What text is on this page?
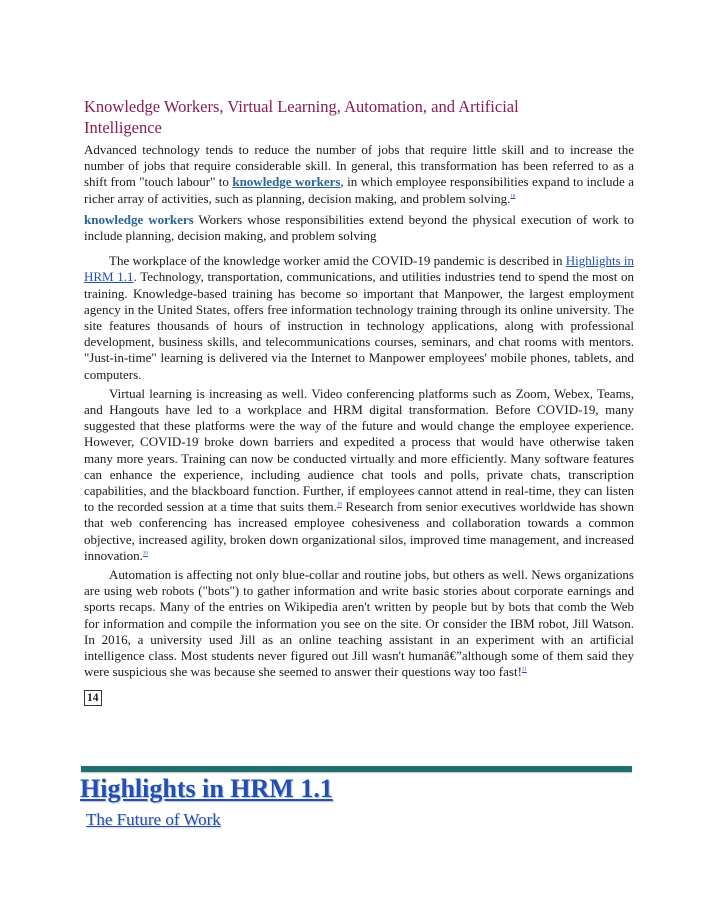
Knowledge Workers, Virtual Learning, Automation, and Artificial Intelligence

Advanced technology tends to reduce the number of jobs that require little skill and to increase the number of jobs that require considerable skill. In general, this transformation has been referred to as a shift from "touch labour" to knowledge workers, in which employee responsibilities expand to include a richer array of activities, such as planning, decision making, and problem solving.$^{18}$

knowledge workers Workers whose responsibilities extend beyond the physical execution of work to include planning, decision making, and problem solving

The workplace of the knowledge worker amid the COVID-19 pandemic is described in Highlights in HRM 1.1. Technology, transportation, communications, and utilities industries tend to spend the most on training. Knowledge-based training has become so important that Manpower, the largest employment agency in the United States, offers free information technology training through its online university. The site features thousands of hours of instruction in technology applications, along with professional development, business skills, and telecommunications courses, seminars, and chat rooms with mentors. "Just-in-time" learning is delivered via the Internet to Manpower employees' mobile phones, tablets, and computers.

Virtual learning is increasing as well. Video conferencing platforms such as Zoom, Webex, Teams, and Hangouts have led to a workplace and HRM digital transformation. Before COVID-19, many suggested that these platforms were the way of the future and would change the employee experience. However, COVID-19 broke down barriers and expedited a process that would have otherwise taken many more years. Training can now be conducted virtually and more efficiently. Many software features can enhance the experience, including audience chat tools and polls, private chats, transcription capabilities, and the blackboard function. Further, if employees cannot attend in real-time, they can listen to the recorded session at a time that suits them.$^{19}$ Research from senior executives worldwide has shown that web conferencing has increased employee cohesiveness and collaboration towards a common objective, increased agility, broken down organizational silos, improved time management, and increased innovation.$^{20}$

Automation is affecting not only blue-collar and routine jobs, but others as well. News organizations are using web robots ("bots") to gather information and write basic stories about corporate earnings and sports recaps. Many of the entries on Wikipedia aren't written by people but by bots that comb the Web for information and compile the information you see on the site. Or consider the IBM robot, Jill Watson. In 2016, a university used Jill as an online teaching assistant in an experiment with an artificial intelligence class. Most students never figured out Jill wasn't humanâ€”although some of them said they were suspicious she was because she seemed to answer their questions way too fast!$^{21}$

14
Highlights in HRM 1.1
The Future of Work
